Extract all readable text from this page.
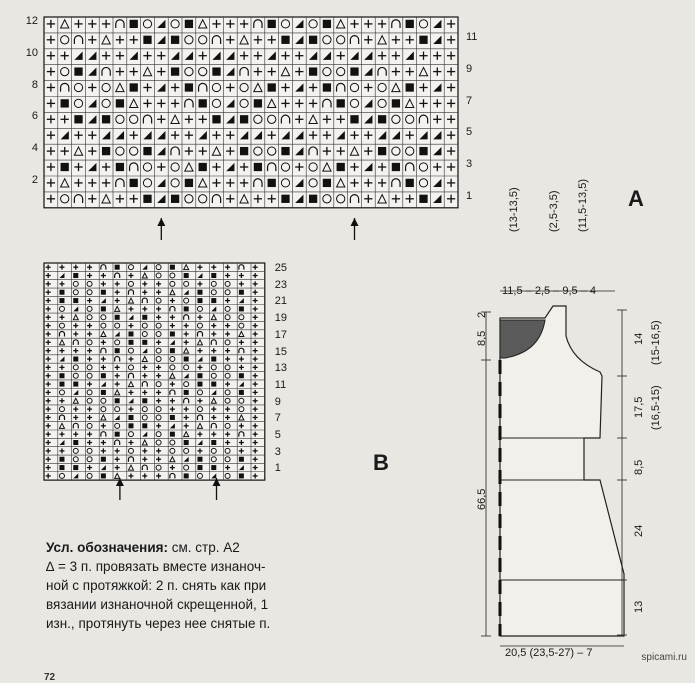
12
10
8
6
4
2
11
9
7
5
3
1	A
25
23
21
19
17
15
13
11
9
7
5
3
1	B
Усл. обозначения: см. стр. А2
∆ = 3 п. провязать вместе изнаноч-
ной с протяжкой: 2 п. снять как при
вязании изнаночной скрещенной, 1
изн., протянуть через нее снятые п.
11,5 – 2,5 – 9,5 – 4
(13-13,5)	(2,5-3,5) (11,5-13,5)
8,5
2
66,5
14 (15-16,5)
17,5 (16,5-15)
8,5
24
13
20,5 (23,5-27) – 7	spicami.ru
72
